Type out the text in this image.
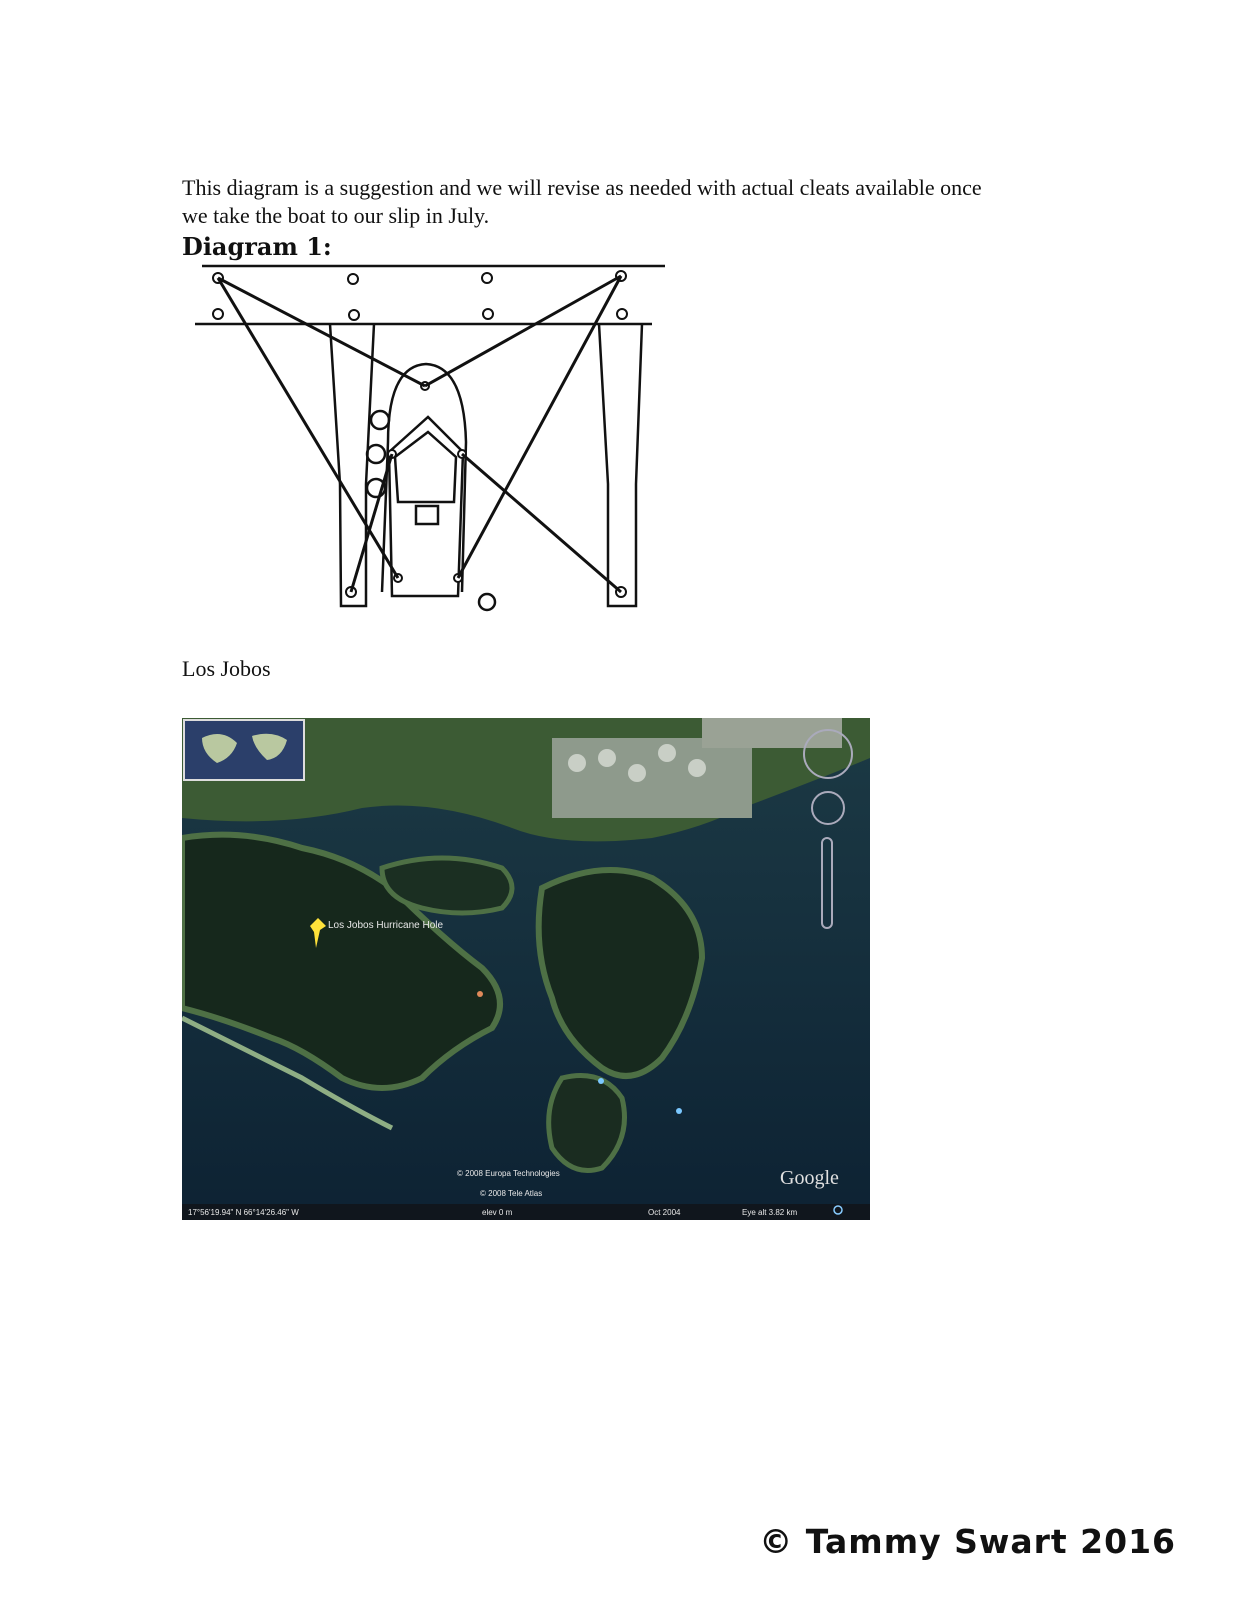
This diagram is a suggestion and we will revise as needed with actual cleats available once we take the boat to our slip in July.

Diagram 1:

Los Jobos

Los Jobos Hurricane Hole
© 2008 Europa Technologies
© 2008 Tele Atlas
Google
17°56'19.94" N 66°14'26.46" W	elev 0 m	Oct 2004	Eye alt 3.82 km

© Tammy Swart 2016
